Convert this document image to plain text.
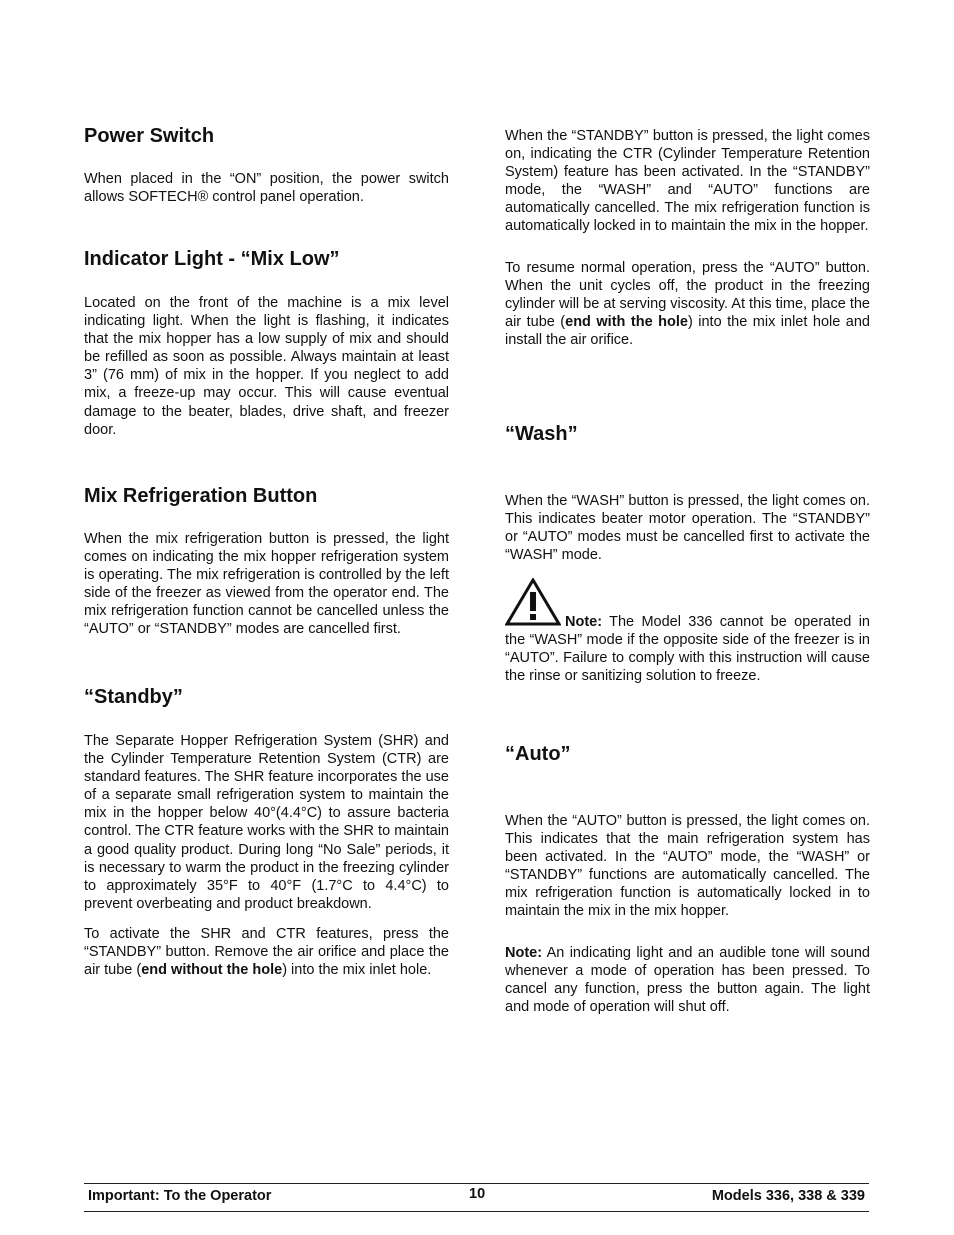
Power Switch

When placed in the “ON” position, the power switch allows SOFTECH® control panel operation.

Indicator Light - “Mix Low”

Located on the front of the machine is a mix level indicating light. When the light is flashing, it indicates that the mix hopper has a low supply of mix and should be refilled as soon as possible. Always maintain at least 3” (76 mm) of mix in the hopper. If you neglect to add mix, a freeze-up may occur. This will cause eventual damage to the beater, blades, drive shaft, and freezer door.

Mix Refrigeration Button

When the mix refrigeration button is pressed, the light comes on indicating the mix hopper refrigeration system is operating. The mix refrigeration is controlled by the left side of the freezer as viewed from the operator end. The mix refrigeration function cannot be cancelled unless the “AUTO” or “STANDBY” modes are cancelled first.

“Standby”

The Separate Hopper Refrigeration System (SHR) and the Cylinder Temperature Retention System (CTR) are standard features. The SHR feature incorporates the use of a separate small refrigeration system to maintain the mix in the hopper below 40°(4.4°C) to assure bacteria control. The CTR feature works with the SHR to maintain a good quality product. During long “No Sale” periods, it is necessary to warm the product in the freezing cylinder to approximately 35°F to 40°F (1.7°C to 4.4°C) to prevent overbeating and product breakdown.

To activate the SHR and CTR features, press the “STANDBY” button. Remove the air orifice and place the air tube (end without the hole) into the mix inlet hole.

When the “STANDBY” button is pressed, the light comes on, indicating the CTR (Cylinder Temperature Retention System) feature has been activated. In the “STANDBY” mode, the “WASH” and “AUTO” functions are automatically cancelled. The mix refrigeration function is automatically locked in to maintain the mix in the hopper.

To resume normal operation, press the “AUTO” button. When the unit cycles off, the product in the freezing cylinder will be at serving viscosity. At this time, place the air tube (end with the hole) into the mix inlet hole and install the air orifice.

“Wash”

When the “WASH” button is pressed, the light comes on. This indicates beater motor operation. The “STANDBY” or “AUTO” modes must be cancelled first to activate the “WASH” mode.

Note: The Model 336 cannot be operated in the “WASH” mode if the opposite side of the freezer is in “AUTO”. Failure to comply with this instruction will cause the rinse or sanitizing solution to freeze.

“Auto”

When the “AUTO” button is pressed, the light comes on. This indicates that the main refrigeration system has been activated. In the “AUTO” mode, the “WASH” or “STANDBY” functions are automatically cancelled. The mix refrigeration function is automatically locked in to maintain the mix in the mix hopper.

Note: An indicating light and an audible tone will sound whenever a mode of operation has been pressed. To cancel any function, press the button again. The light and mode of operation will shut off.

Important: To the Operator	10	Models 336, 338 & 339
